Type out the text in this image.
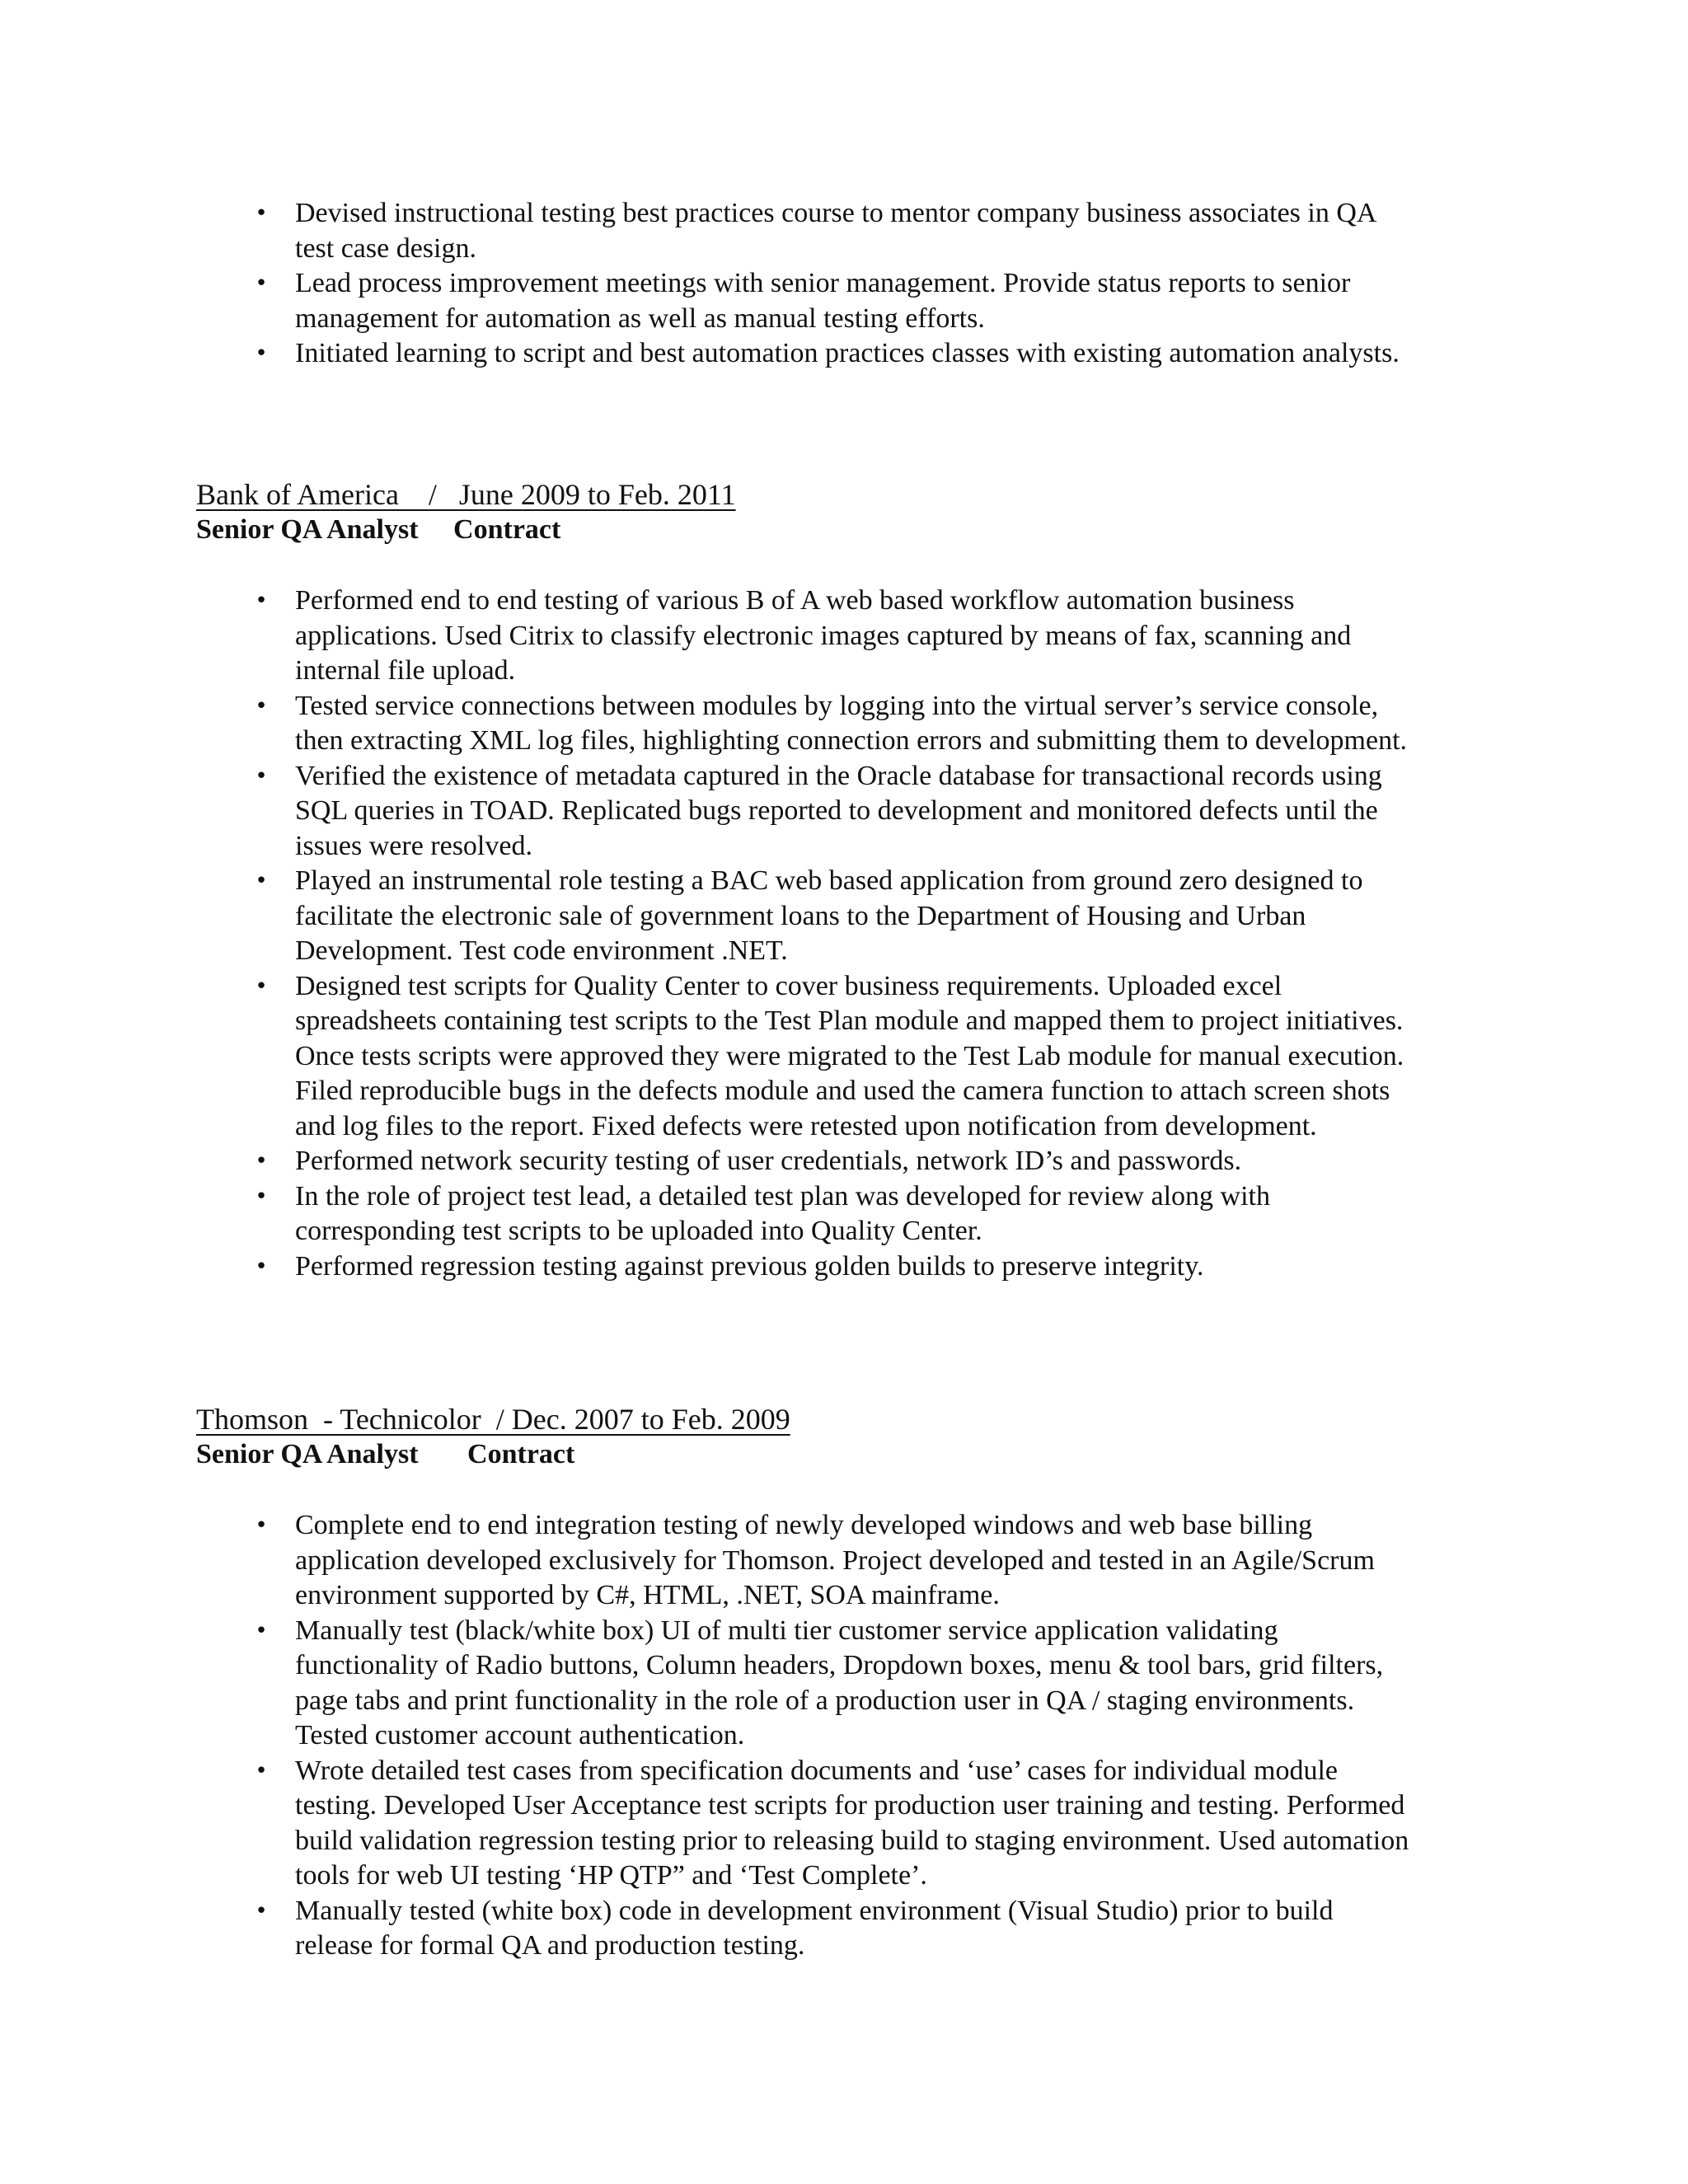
• Devised instructional testing best practices course to mentor company business associates in QA
test case design.
• Lead process improvement meetings with senior management. Provide status reports to senior
management for automation as well as manual testing efforts.
• Initiated learning to script and best automation practices classes with existing automation analysts.
Bank of America    /   June 2009 to Feb. 2011

Senior QA Analyst     Contract

• Performed end to end testing of various B of A web based workflow automation business
applications. Used Citrix to classify electronic images captured by means of fax, scanning and
internal file upload.
• Tested service connections between modules by logging into the virtual server’s service console,
then extracting XML log files, highlighting connection errors and submitting them to development.
• Verified the existence of metadata captured in the Oracle database for transactional records using
SQL queries in TOAD. Replicated bugs reported to development and monitored defects until the
issues were resolved.
• Played an instrumental role testing a BAC web based application from ground zero designed to
facilitate the electronic sale of government loans to the Department of Housing and Urban
Development. Test code environment .NET.
• Designed test scripts for Quality Center to cover business requirements. Uploaded excel
spreadsheets containing test scripts to the Test Plan module and mapped them to project initiatives.
Once tests scripts were approved they were migrated to the Test Lab module for manual execution.
Filed reproducible bugs in the defects module and used the camera function to attach screen shots
and log files to the report. Fixed defects were retested upon notification from development.
• Performed network security testing of user credentials, network ID’s and passwords.
• In the role of project test lead, a detailed test plan was developed for review along with
corresponding test scripts to be uploaded into Quality Center.
• Performed regression testing against previous golden builds to preserve integrity.
Thomson  - Technicolor  / Dec. 2007 to Feb. 2009

Senior QA Analyst       Contract

• Complete end to end integration testing of newly developed windows and web base billing
application developed exclusively for Thomson. Project developed and tested in an Agile/Scrum
environment supported by C#, HTML, .NET, SOA mainframe.
• Manually test (black/white box) UI of multi tier customer service application validating
functionality of Radio buttons, Column headers, Dropdown boxes, menu & tool bars, grid filters,
page tabs and print functionality in the role of a production user in QA / staging environments.
Tested customer account authentication.
• Wrote detailed test cases from specification documents and ‘use’ cases for individual module
testing. Developed User Acceptance test scripts for production user training and testing. Performed
build validation regression testing prior to releasing build to staging environment. Used automation
tools for web UI testing ‘HP QTP” and ‘Test Complete’.
• Manually tested (white box) code in development environment (Visual Studio) prior to build
release for formal QA and production testing.
